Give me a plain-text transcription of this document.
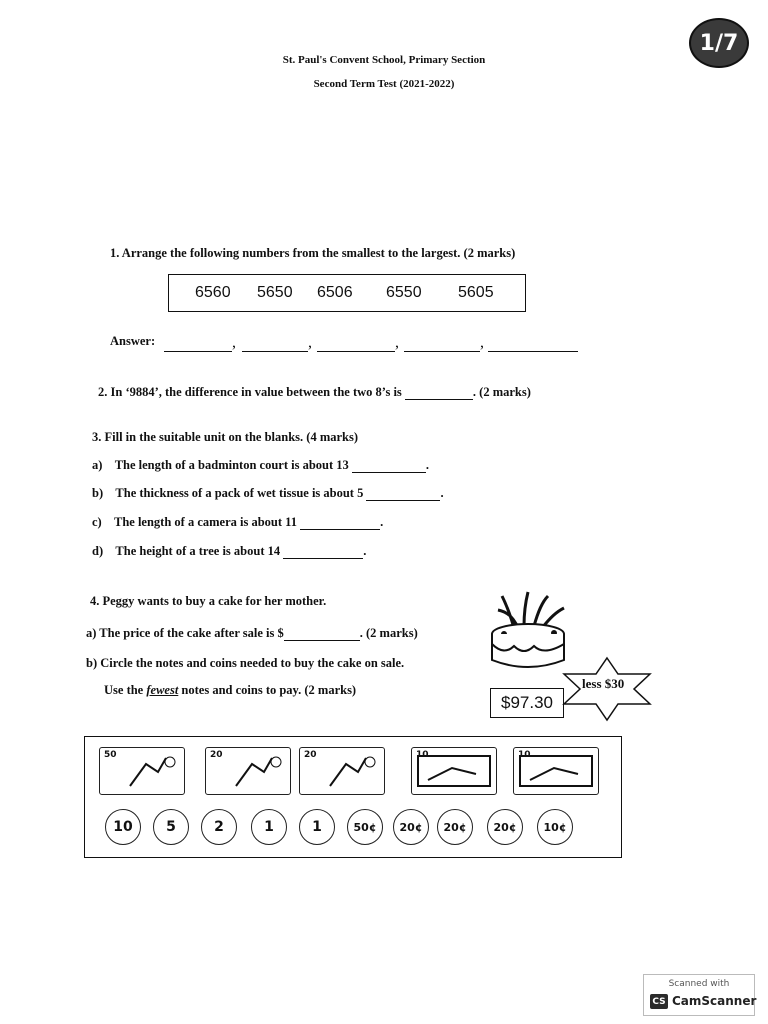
1/7
St. Paul's Convent School, Primary Section
Second Term Test (2021-2022)
1. Arrange the following numbers from the smallest to the largest. (2 marks)
6560 5650 6506 6550 5605
Answer:	,	,	,	,
2. In ‘9884’, the difference in value between the two 8’s is	. (2 marks)
3. Fill in the suitable unit on the blanks. (4 marks)
a) The length of a badminton court is about 13	.
b) The thickness of a pack of wet tissue is about 5	.
c) The length of a camera is about 11	.
d) The height of a tree is about 14	.
4. Peggy wants to buy a cake for her mother.
a) The price of the cake after sale is $	. (2 marks)
b) Circle the notes and coins needed to buy the cake on sale.
Use the fewest notes and coins to pay. (2 marks)
$97.30
less $30
50	20	20	10	10
10	5	2	1	1	50¢	20¢	20¢	20¢	10¢
Scanned with
CS CamScanner
